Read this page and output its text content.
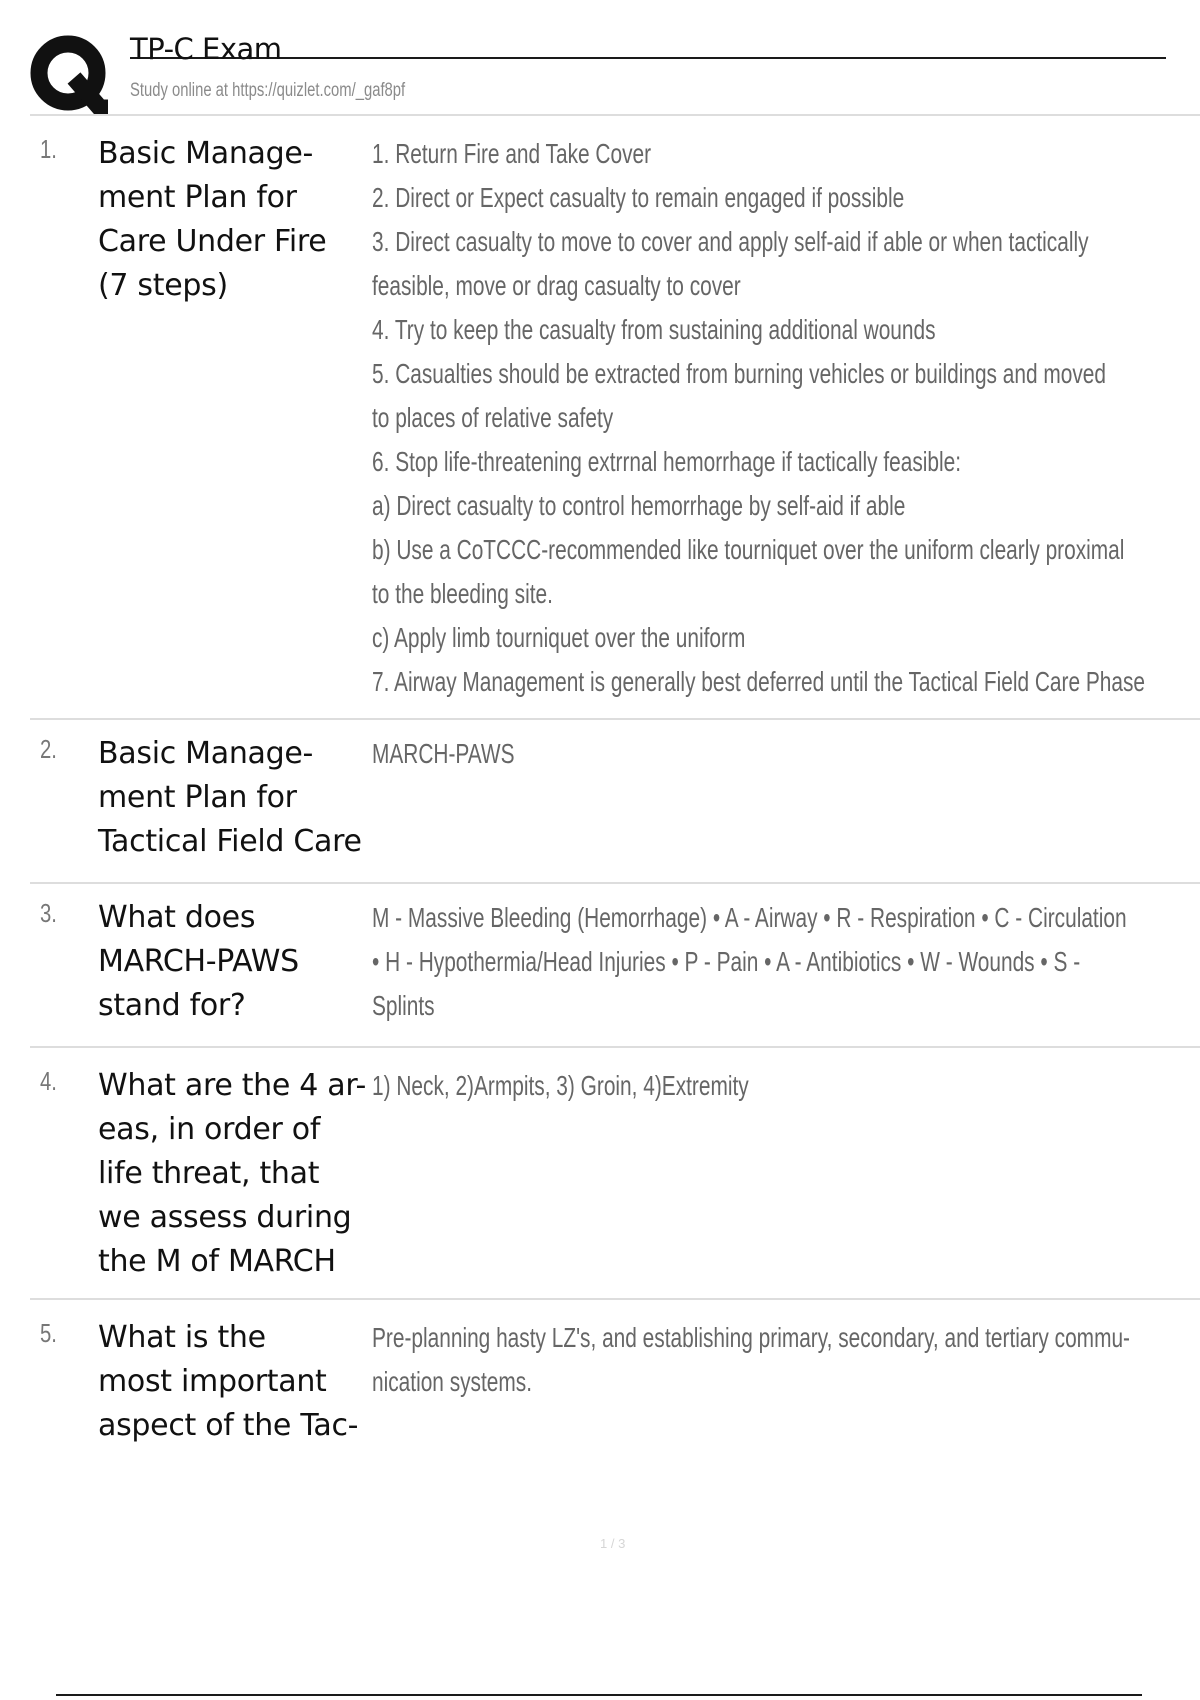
TP-C Exam
Study online at https://quizlet.com/_gaf8pf
1. Basic Manage-
ment Plan for
Care Under Fire
(7 steps)
1. Return Fire and Take Cover
2. Direct or Expect casualty to remain engaged if possible
3. Direct casualty to move to cover and apply self-aid if able or when tactically
feasible, move or drag casualty to cover
4. Try to keep the casualty from sustaining additional wounds
5. Casualties should be extracted from burning vehicles or buildings and moved
to places of relative safety
6. Stop life-threatening extrrnal hemorrhage if tactically feasible:
a) Direct casualty to control hemorrhage by self-aid if able
b) Use a CoTCCC-recommended like tourniquet over the uniform clearly proximal
to the bleeding site.
c) Apply limb tourniquet over the uniform
7. Airway Management is generally best deferred until the Tactical Field Care Phase
2. Basic Manage-
ment Plan for
Tactical Field Care
MARCH-PAWS
3. What does
MARCH-PAWS
stand for?
M - Massive Bleeding (Hemorrhage) • A - Airway • R - Respiration • C - Circulation
• H - Hypothermia/Head Injuries • P - Pain • A - Antibiotics • W - Wounds • S -
Splints
4. What are the 4 ar-
eas, in order of
life threat, that
we assess during
the M of MARCH
1) Neck, 2)Armpits, 3) Groin, 4)Extremity
5. What is the
most important
aspect of the Tac-
Pre-planning hasty LZ's, and establishing primary, secondary, and tertiary commu-
nication systems.
1 / 3
